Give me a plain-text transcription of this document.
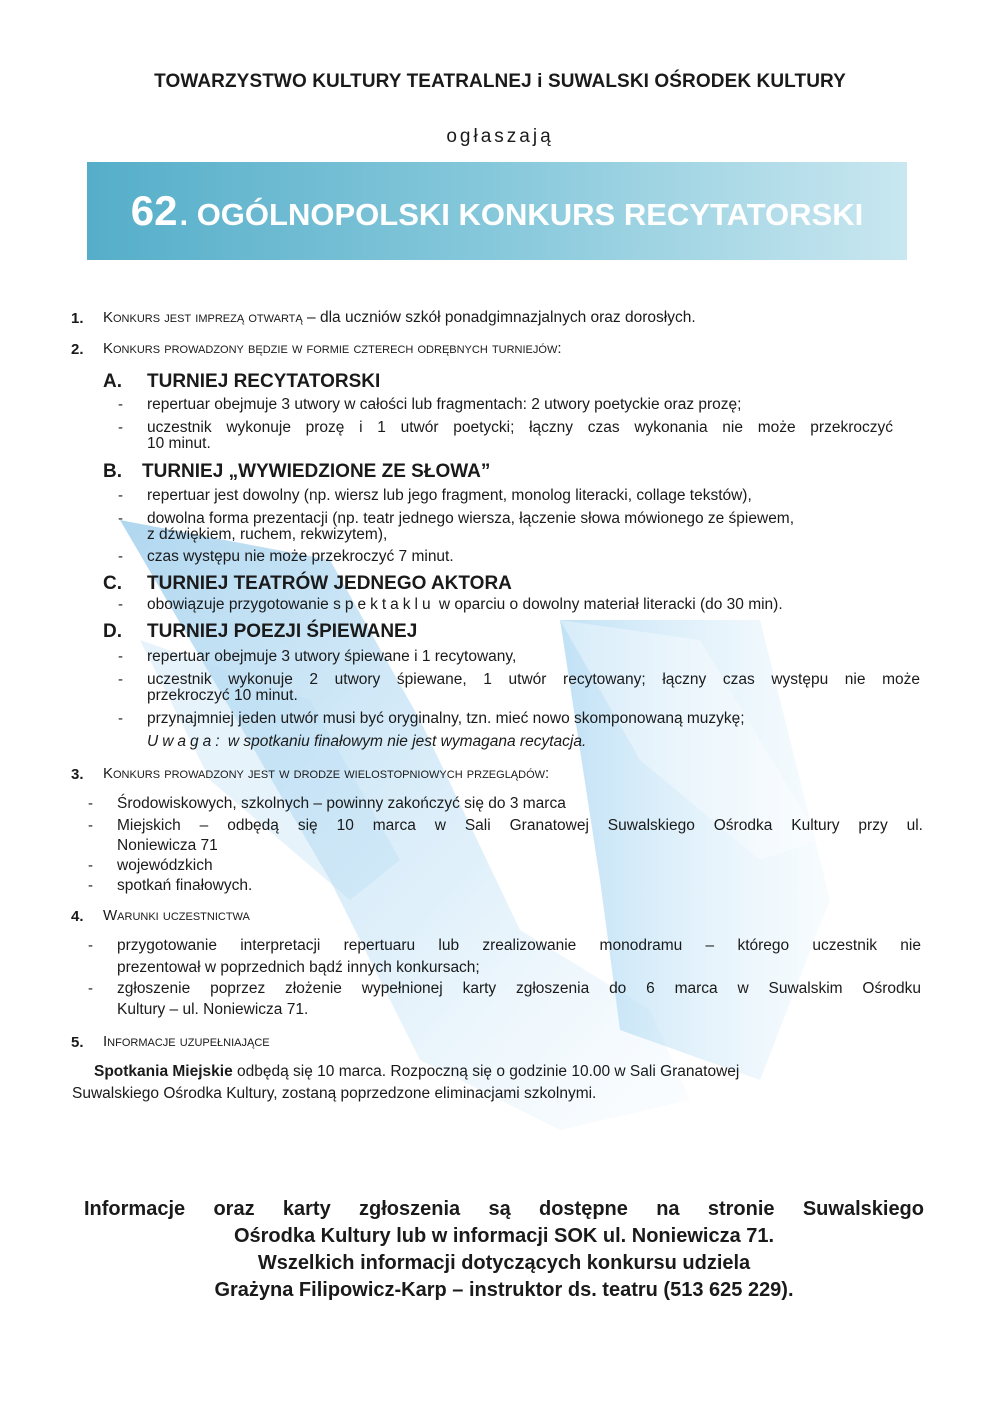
TOWARZYSTWO KULTURY TEATRALNEJ i SUWALSKI OŚRODEK KULTURY
ogłaszają
62. OGÓLNOPOLSKI KONKURS RECYTATORSKI
1. Konkurs jest imprezą otwartą – dla uczniów szkół ponadgimnazjalnych oraz dorosłych.
2. Konkurs prowadzony będzie w formie czterech odrębnych turniejów:
A. TURNIEJ RECYTATORSKI
- repertuar obejmuje 3 utwory w całości lub fragmentach: 2 utwory poetyckie oraz prozę;
- uczestnik wykonuje prozę i 1 utwór poetycki; łączny czas wykonania nie może przekroczyć
10 minut.
B. TURNIEJ „WYWIEDZIONE ZE SŁOWA”
- repertuar jest dowolny (np. wiersz lub jego fragment, monolog literacki, collage tekstów),
- dowolna forma prezentacji (np. teatr jednego wiersza, łączenie słowa mówionego ze śpiewem,
z dźwiękiem, ruchem, rekwizytem),
- czas występu nie może przekroczyć 7 minut.
C. TURNIEJ TEATRÓW JEDNEGO AKTORA
- obowiązuje przygotowanie spektaklu w oparciu o dowolny materiał literacki (do 30 min).
D. TURNIEJ POEZJI ŚPIEWANEJ
- repertuar obejmuje 3 utwory śpiewane i 1 recytowany,
- uczestnik wykonuje 2 utwory śpiewane, 1 utwór recytowany; łączny czas występu nie może
przekroczyć 10 minut.
- przynajmniej jeden utwór musi być oryginalny, tzn. mieć nowo skomponowaną muzykę;
Uwaga: w spotkaniu finałowym nie jest wymagana recytacja.
3. Konkurs prowadzony jest w drodze wielostopniowych przeglądów:
- Środowiskowych, szkolnych – powinny zakończyć się do 3 marca
- Miejskich – odbędą się 10 marca w Sali Granatowej Suwalskiego Ośrodka Kultury przy ul.
Noniewicza 71
- wojewódzkich
- spotkań finałowych.
4. Warunki uczestnictwa
- przygotowanie interpretacji repertuaru lub zrealizowanie monodramu – którego uczestnik nie
prezentował w poprzednich bądź innych konkursach;
- zgłoszenie poprzez złożenie wypełnionej karty zgłoszenia do 6 marca w Suwalskim Ośrodku
Kultury – ul. Noniewicza 71.
5. Informacje uzupełniające
Spotkania Miejskie odbędą się 10 marca. Rozpoczną się o godzinie 10.00 w Sali Granatowej
Suwalskiego Ośrodka Kultury, zostaną poprzedzone eliminacjami szkolnymi.
Informacje oraz karty zgłoszenia są dostępne na stronie Suwalskiego
Ośrodka Kultury lub w informacji SOK ul. Noniewicza 71.
Wszelkich informacji dotyczących konkursu udziela
Grażyna Filipowicz-Karp – instruktor ds. teatru (513 625 229).
